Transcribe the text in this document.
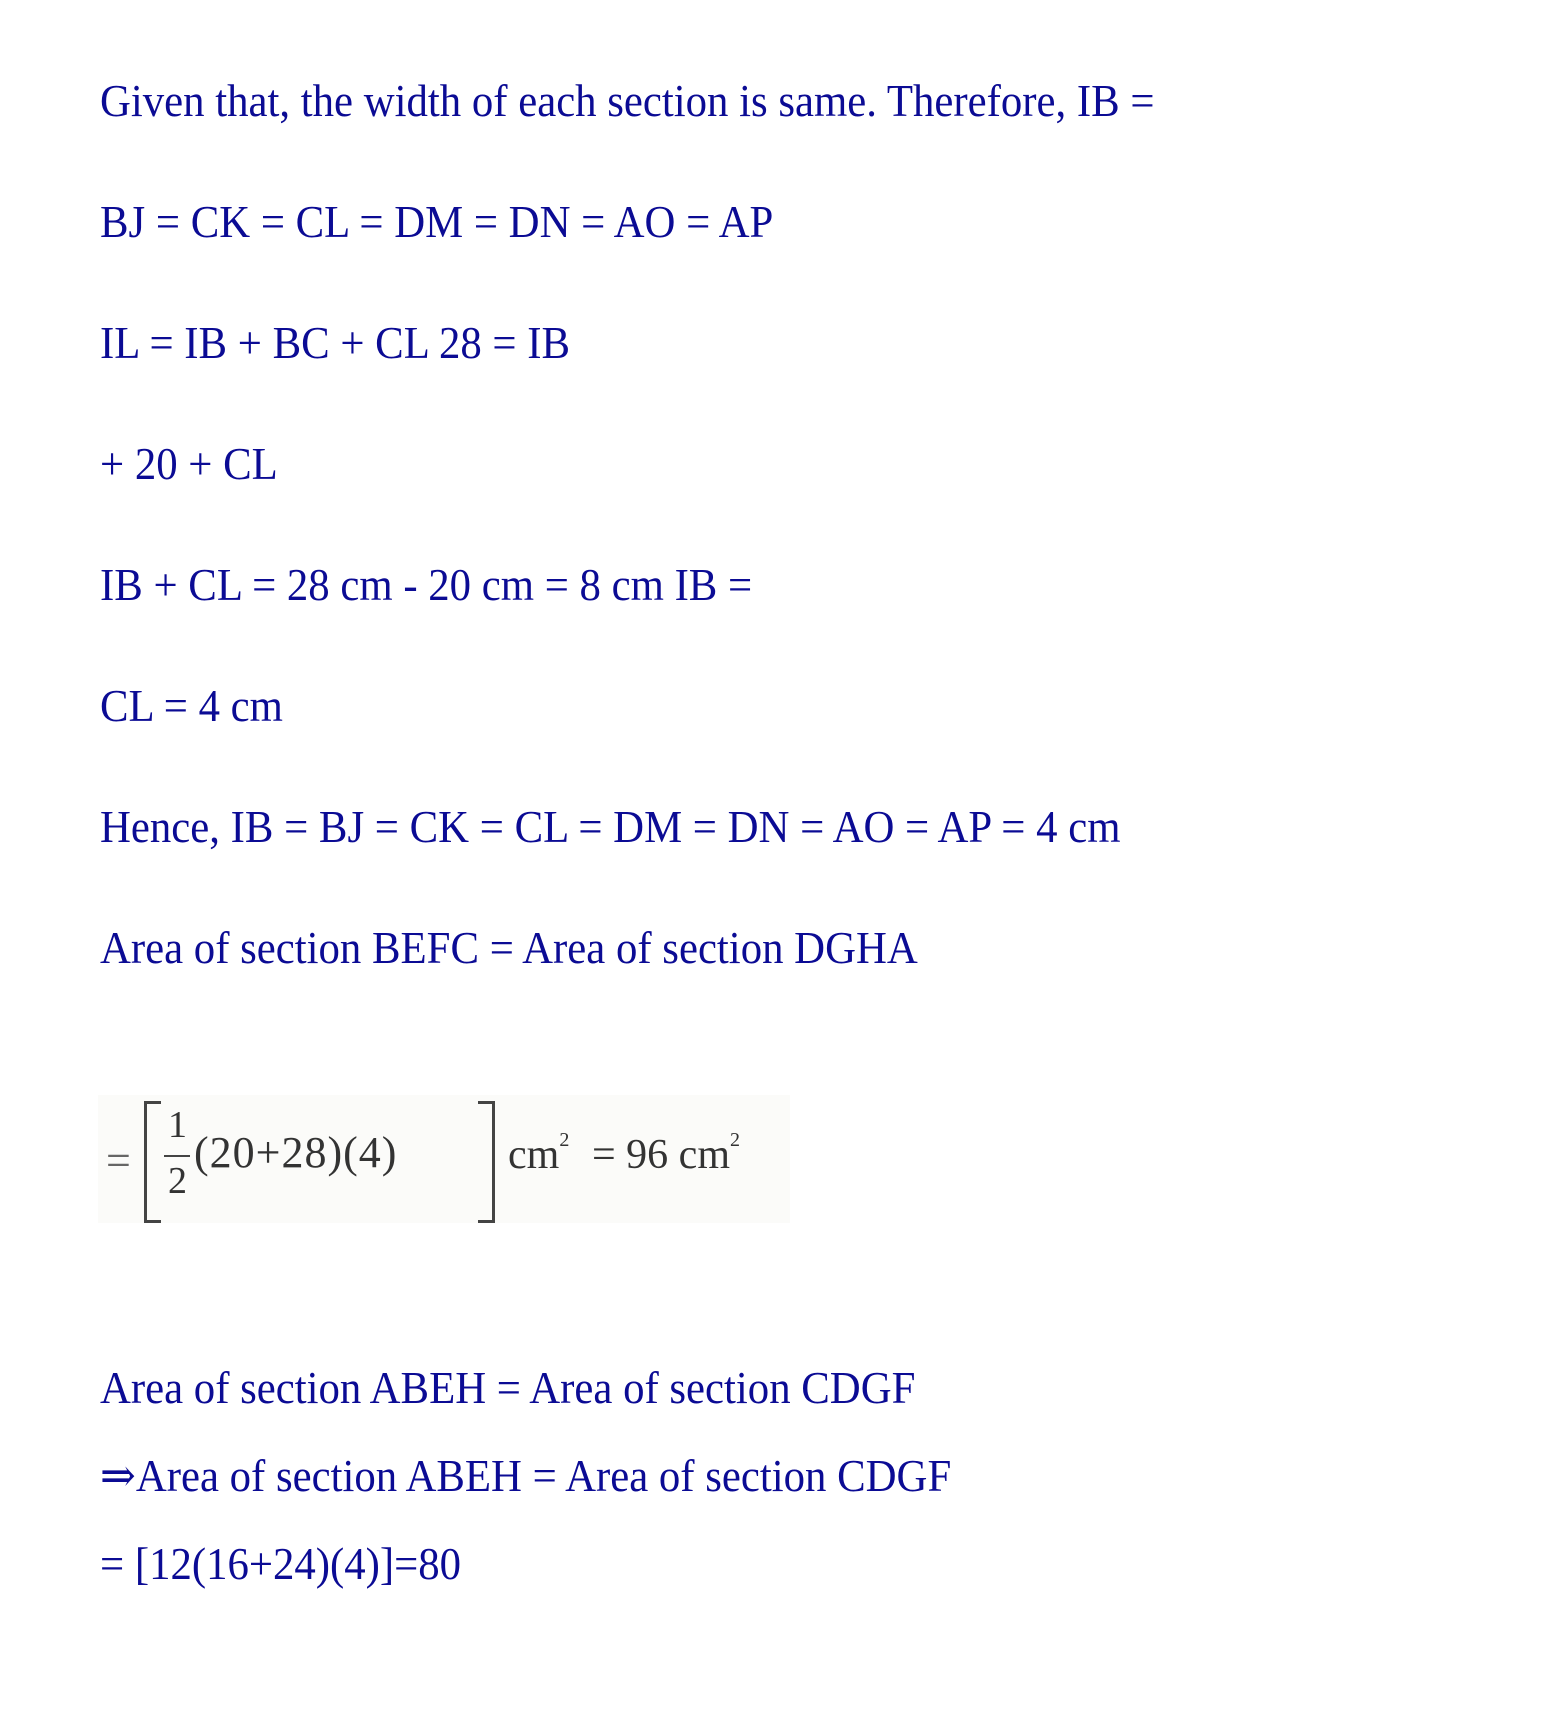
Given that, the width of each section is same. Therefore, IB =
BJ = CK = CL = DM = DN = AO = AP
IL = IB + BC + CL 28 = IB
+ 20 + CL
IB + CL = 28 cm - 20 cm = 8 cm IB =
CL = 4 cm
Hence, IB = BJ = CK = CL = DM = DN = AO = AP = 4 cm
Area of section BEFC = Area of section DGHA
=
1
2
(20+28)(4)	$cm^2 = 96$ $cm^2$
Area of section ABEH = Area of section CDGF
⇒Area of section ABEH = Area of section CDGF
= [12(16+24)(4)]=80
